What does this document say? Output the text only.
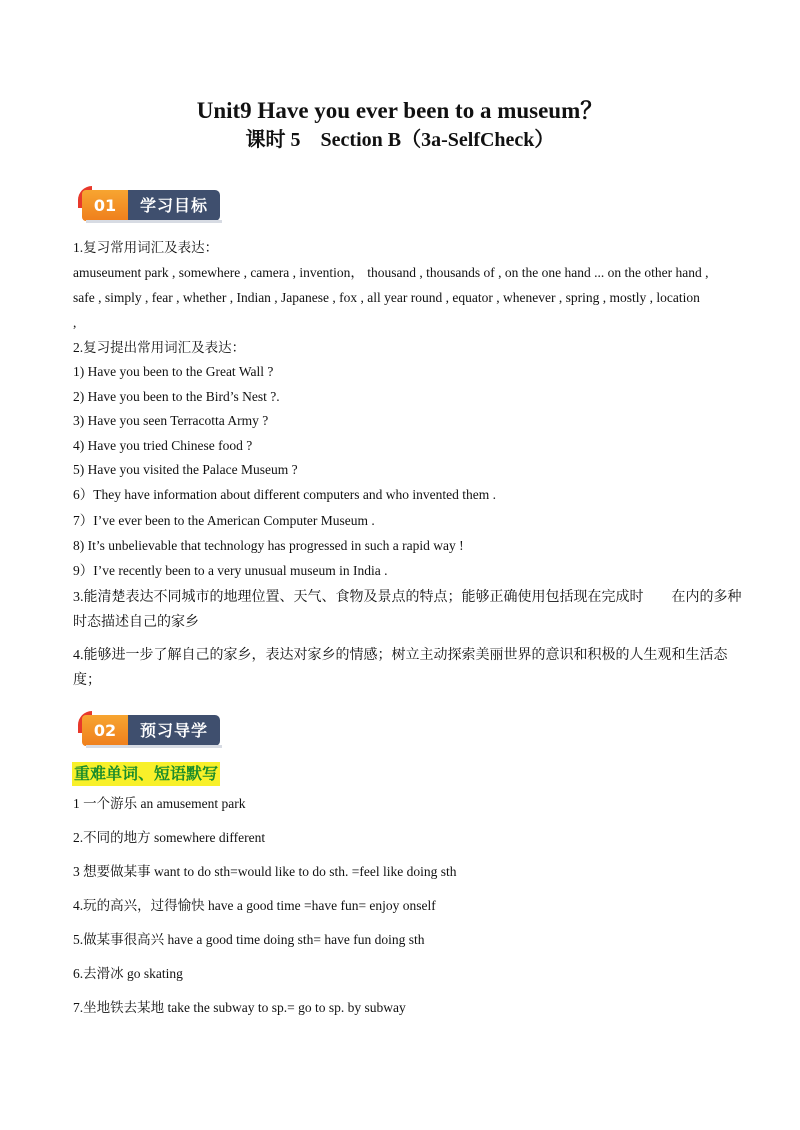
Unit9 Have you ever been to a museum？
课时 5　Section B（3a-SelfCheck）
01	学习目标
1.复习常用词汇及表达：
amuseument park , somewhere , camera , invention， thousand , thousands of , on the one hand ... on the other hand ,
safe , simply , fear , whether , Indian , Japanese , fox , all year round , equator , whenever , spring , mostly , location
,
2.复习提出常用词汇及表达：
1) Have you been to the Great Wall ?
2) Have you been to the Bird’s Nest ?.
3) Have you seen Terracotta Army ?
4) Have you tried Chinese food ?
5) Have you visited the Palace Museum ?
6）They have information about different computers and who invented them .
7）I’ve ever been to the American Computer Museum .
8) It’s unbelievable that technology has progressed in such a rapid way !
9）I’ve recently been to a very unusual museum in India .
3.能清楚表达不同城市的地理位置、天气、食物及景点的特点；能够正确使用包括现在完成时　　在内的多种时态描述自己的家乡
4.能够进一步了解自己的家乡，表达对家乡的情感；树立主动探索美丽世界的意识和积极的人生观和生活态度；
02	预习导学
重难单词、短语默写
1 一个游乐 an amusement park
2.不同的地方 somewhere different
3 想要做某事 want to do sth=would like to do sth. =feel like doing sth
4.玩的高兴，过得愉快 have a good time =have fun= enjoy onself
5.做某事很高兴 have a good time doing sth= have fun doing sth
6.去滑冰 go skating
7.坐地铁去某地 take the subway to sp.= go to sp. by subway
